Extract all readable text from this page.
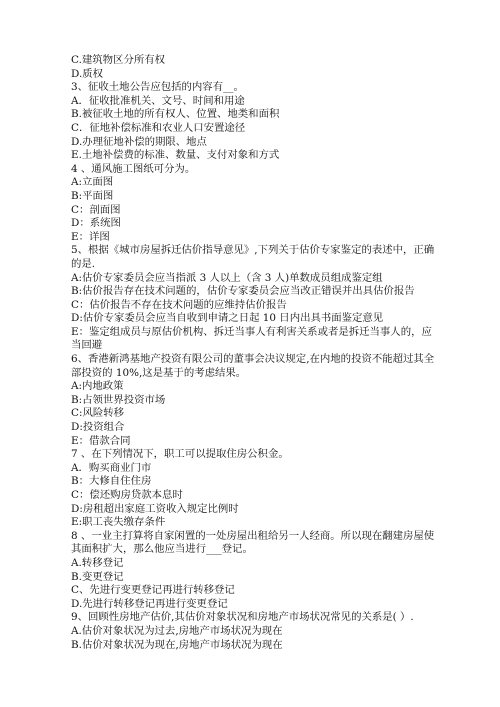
C.建筑物区分所有权
D.质权
3、征收土地公告应包括的内容有__。
A．征收批准机关、文号、时间和用途
B.被征收土地的所有权人、位置、地类和面积
C．征地补偿标准和农业人口安置途径
D.办理征地补偿的期限、地点
E.土地补偿费的标准、数量、支付对象和方式
4 、通风施工图纸可分为。
A:立面图
B:平面图
C：剖面图
D：系统图
E：详图
5、根据《城市房屋拆迁估价指导意见》,下列关于估价专家鉴定的表述中，正确
的是.
A:估价专家委员会应当指派 3 人以上（含 3 人)单数成员组成鉴定组
B:估价报告存在技术问题的，估价专家委员会应当改正错误并出具估价报告
C：估价报告不存在技术问题的应维持估价报告
D:估价专家委员会应当自收到申请之日起 10 日内出具书面鉴定意见
E：鉴定组成员与原估价机构、拆迁当事人有利害关系或者是拆迁当事人的，应
当回避
6、香港新鸿基地产投资有限公司的董事会决议规定,在内地的投资不能超过其全
部投资的 10%,这是基于的考虑结果。
A:内地政策
B:占领世界投资市场
C:风险转移
D:投资组合
E：借款合同
7 、在下列情况下，职工可以提取住房公积金。
A．购买商业门市
B：大修自住住房
C：偿还购房贷款本息时
D:房租超出家庭工资收入规定比例时
E:职工丧失缴存条件
8 、一业主打算将自家闲置的一处房屋出租给另一人经商。所以现在翻建房屋使
其面积扩大，那么他应当进行___登记。
A.转移登记
B.变更登记
C、先进行变更登记再进行转移登记
D.先进行转移登记再进行变更登记
9、回顾性房地产估价,其估价对象状况和房地产市场状况常见的关系是( ）.
A.估价对象状况为过去,房地产市场状况为现在
B.估价对象状况为现在,房地产市场状况为现在
